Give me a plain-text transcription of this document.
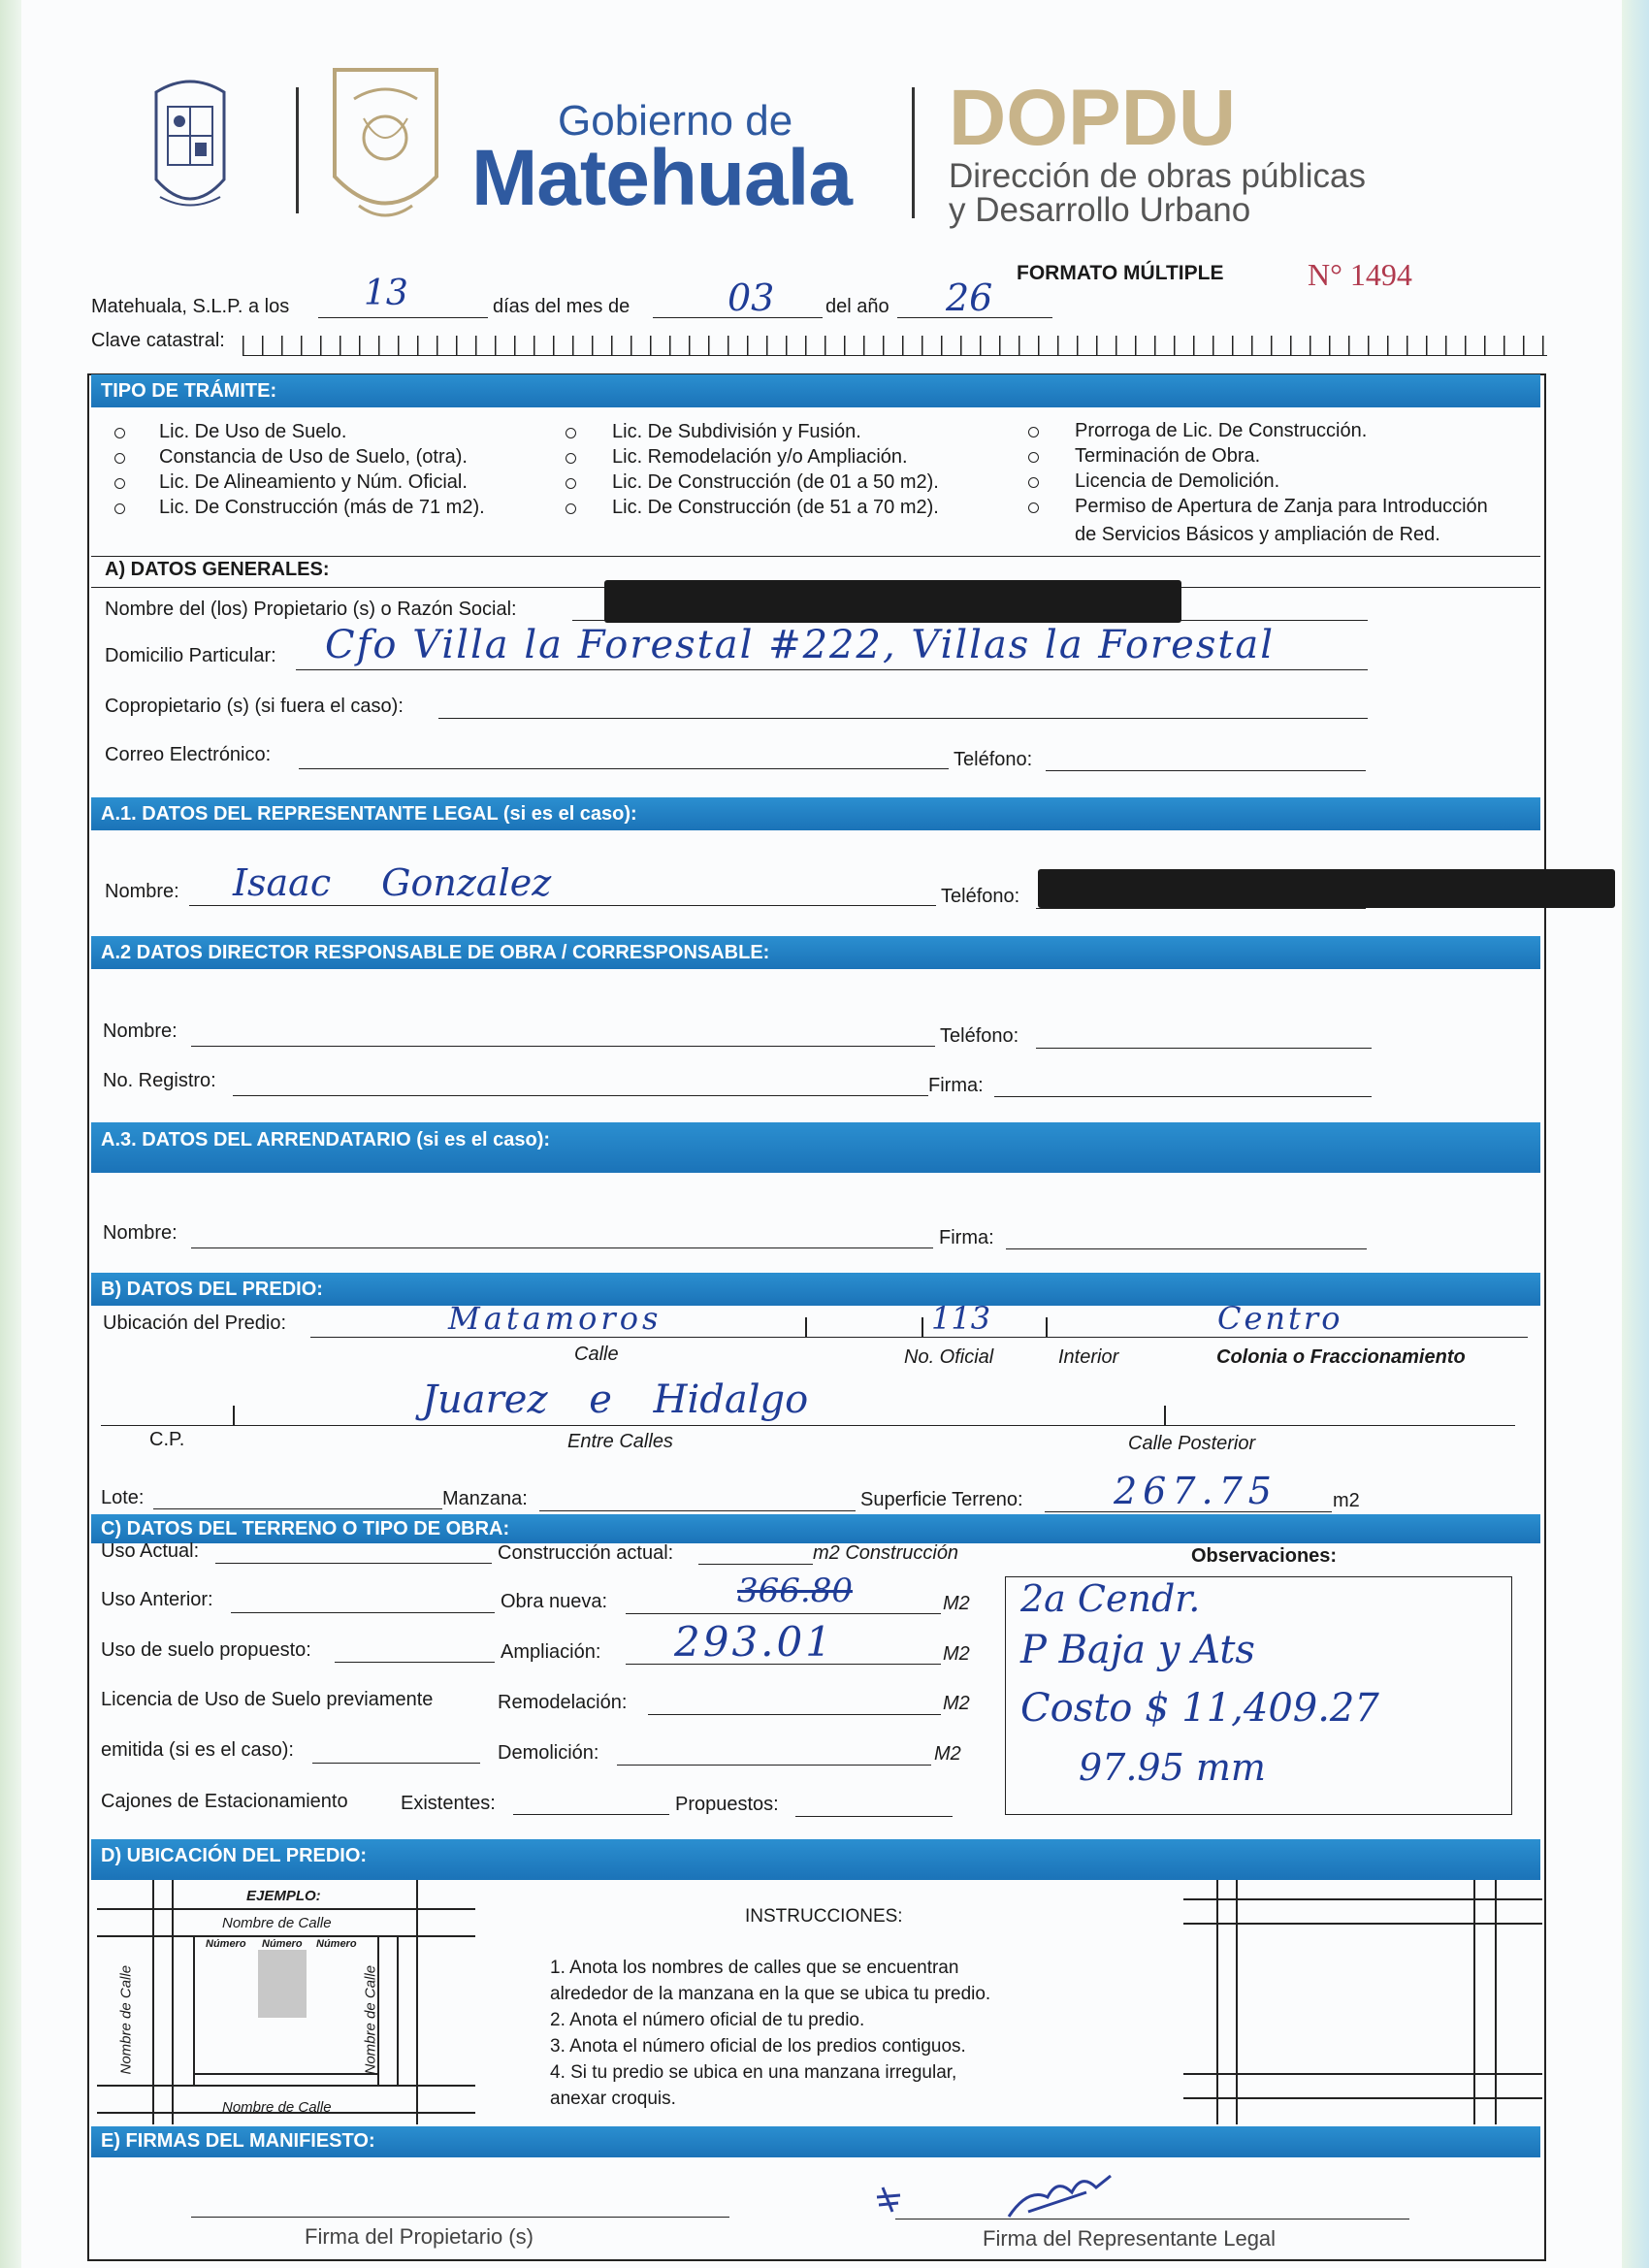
Gobierno de
Matehuala
DOPDU
Dirección de obras públicas
y Desarrollo Urbano
FORMATO MÚLTIPLE	N° 1494
Matehuala, S.L.P. a los 13	días del mes de	03	del año 26
Clave catastral:
TIPO DE TRÁMITE:
Lic. De Uso de Suelo.
Constancia de Uso de Suelo, (otra).
Lic. De Alineamiento y Núm. Oficial.
Lic. De Construcción (más de 71 m2).
Lic. De Subdivisión y Fusión.
Lic. Remodelación y/o Ampliación.
Lic. De Construcción (de 01 a 50 m2).
Lic. De Construcción (de 51 a 70 m2).
Prorroga de Lic. De Construcción.
Terminación de Obra.
Licencia de Demolición.
Permiso de Apertura de Zanja para Introducción
de Servicios Básicos y ampliación de Red.
A) DATOS GENERALES:
Nombre del (los) Propietario (s) o Razón Social:
Domicilio Particular: Cfo Villa la Forestal #222, Villas la Forestal
Copropietario (s) (si fuera el caso):
Correo Electrónico:	Teléfono:
A.1. DATOS DEL REPRESENTANTE LEGAL (si es el caso):
Nombre: Isaac Gonzalez	Teléfono:
A.2 DATOS DIRECTOR RESPONSABLE DE OBRA / CORRESPONSABLE:
Nombre:	Teléfono:
No. Registro:	Firma:
A.3. DATOS DEL ARRENDATARIO (si es el caso):
Nombre:	Firma:
B) DATOS DEL PREDIO:
Ubicación del Predio:	Matamoros	113	Centro
Calle	No. Oficial	Interior	Colonia o Fraccionamiento
Juarez e Hidalgo
C.P.	Entre Calles	Calle Posterior
Lote:	Manzana:	Superficie Terreno: 267.75	m2
C) DATOS DEL TERRENO O TIPO DE OBRA:
Uso Actual:	Construcción actual:	m2 Construcción	Observaciones:
Uso Anterior:	Obra nueva:	366.80	M2
Uso de suelo propuesto:	Ampliación: 293.01	M2
Licencia de Uso de Suelo previamente	Remodelación:	M2
emitida (si es el caso):	Demolición:	M2
Cajones de Estacionamiento	Existentes:	Propuestos:
2a Cendr.
P Baja y Ats
Costo $ 11,409.27
97.95 mm
D) UBICACIÓN DEL PREDIO:
EJEMPLO:
Nombre de Calle
Nombre de Calle
Número Número Número
Nombre de Calle	Nombre de Calle
INSTRUCCIONES:
1. Anota los nombres de calles que se encuentran
alrededor de la manzana en la que se ubica tu predio.
2. Anota el número oficial de tu predio.
3. Anota el número oficial de los predios contiguos.
4. Si tu predio se ubica en una manzana irregular,
anexar croquis.
E) FIRMAS DEL MANIFIESTO:
Firma del Propietario (s)	Firma del Representante Legal
